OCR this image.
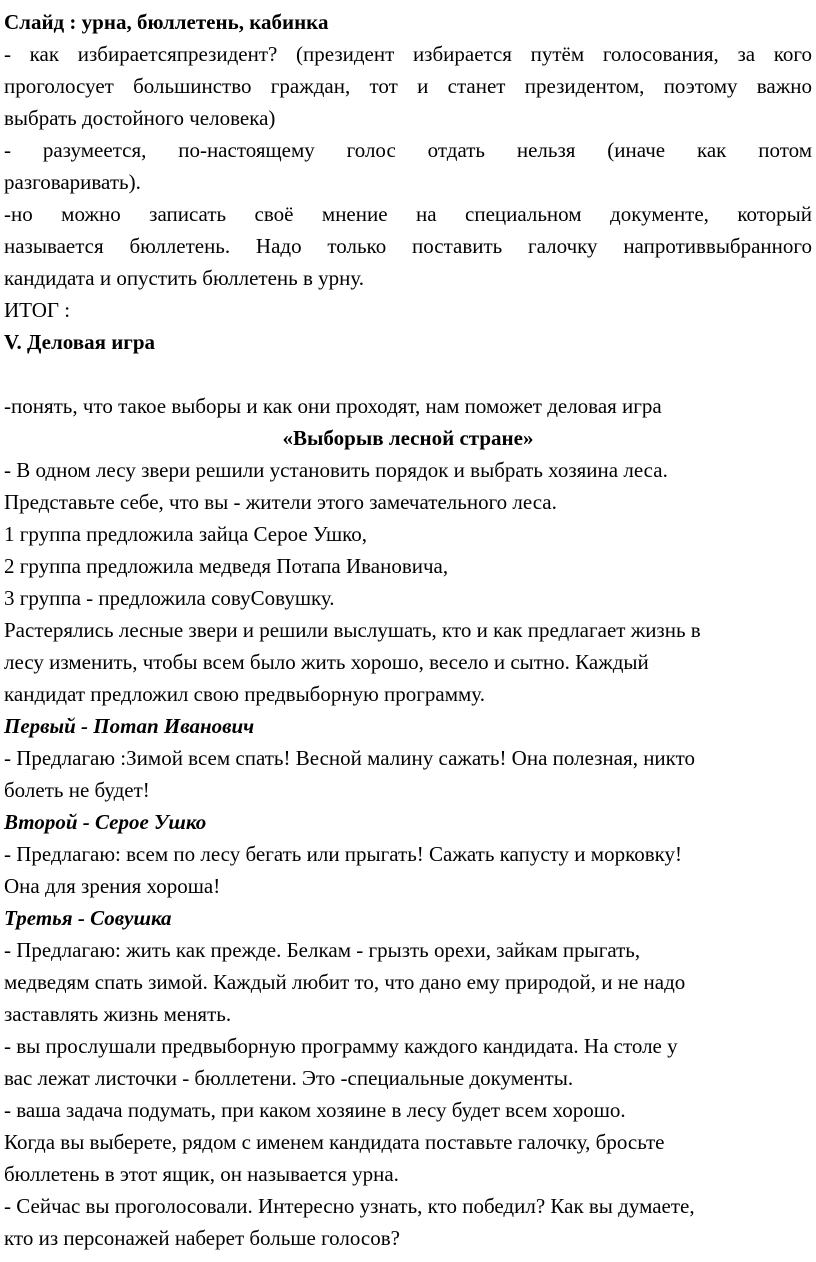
Слайд : урна, бюллетень, кабинка
- как избираетсяпрезидент? (президент избирается путём голосования, за кого
проголосует большинство граждан, тот и станет президентом, поэтому важно
выбрать достойного человека)
- разумеется, по-настоящему голос отдать нельзя (иначе как потом
разговаривать).
-но можно записать своё мнение на специальном документе, который
называется бюллетень. Надо только поставить галочку напротиввыбранного
кандидата и опустить бюллетень в урну.
ИТОГ :
V. Деловая игра
-понять, что такое выборы и как они проходят, нам поможет деловая игра
«Выборыв лесной стране»
- В одном лесу звери решили установить порядок и выбрать хозяина леса.
Представьте себе, что вы - жители этого замечательного леса.
1 группа предложила зайца Серое Ушко,
2 группа предложила медведя Потапа Ивановича,
3 группа - предложила совуСовушку.
Растерялись лесные звери и решили выслушать, кто и как предлагает жизнь в
лесу изменить, чтобы всем было жить хорошо, весело и сытно. Каждый
кандидат предложил свою предвыборную программу.
Первый - Потап Иванович
- Предлагаю :Зимой всем спать! Весной малину сажать! Она полезная, никто
болеть не будет!
Второй - Серое Ушко
- Предлагаю: всем по лесу бегать или прыгать! Сажать капусту и морковку!
Она для зрения хороша!
Третья - Совушка
- Предлагаю: жить как прежде. Белкам - грызть орехи, зайкам прыгать,
медведям спать зимой. Каждый любит то, что дано ему природой, и не надо
заставлять жизнь менять.
- вы прослушали предвыборную программу каждого кандидата. На столе у
вас лежат листочки - бюллетени. Это -специальные документы.
- ваша задача подумать, при каком хозяине в лесу будет всем хорошо.
Когда вы выберете, рядом с именем кандидата поставьте галочку, бросьте
бюллетень в этот ящик, он называется урна.
- Сейчас вы проголосовали. Интересно узнать, кто победил? Как вы думаете,
кто из персонажей наберет больше голосов?
